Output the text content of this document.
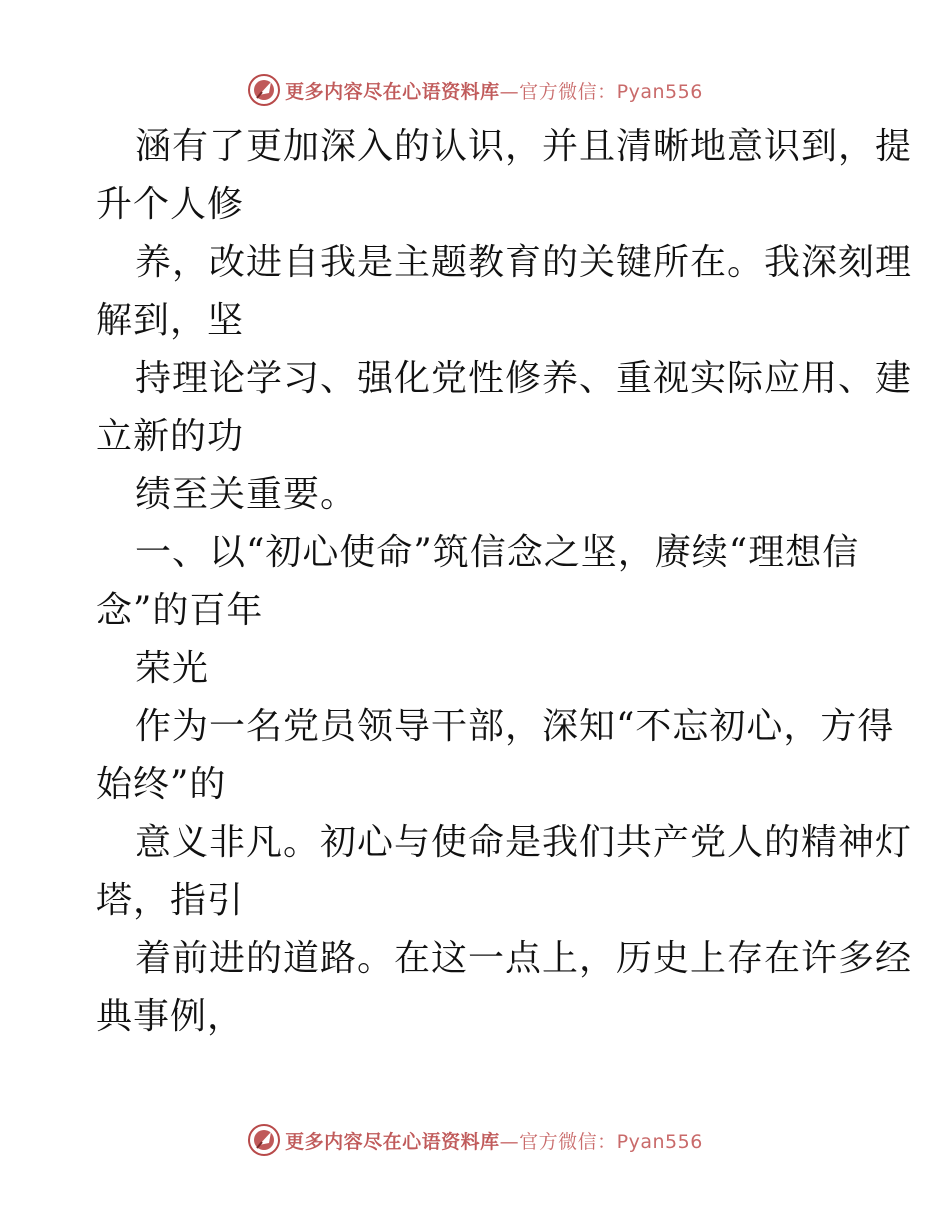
更多内容尽在心语资料库—官方微信：Pyan556
涵有了更加深入的认识，并且清晰地意识到，提
升个人修
养，改进自我是主题教育的关键所在。我深刻理
解到，坚
持理论学习、强化党性修养、重视实际应用、建
立新的功
绩至关重要。
一、以“初心使命”筑信念之坚，赓续“理想信
念”的百年
荣光
作为一名党员领导干部，深知“不忘初心，方得
始终”的
意义非凡。初心与使命是我们共产党人的精神灯
塔，指引
着前进的道路。在这一点上，历史上存在许多经
典事例，
更多内容尽在心语资料库—官方微信：Pyan556
